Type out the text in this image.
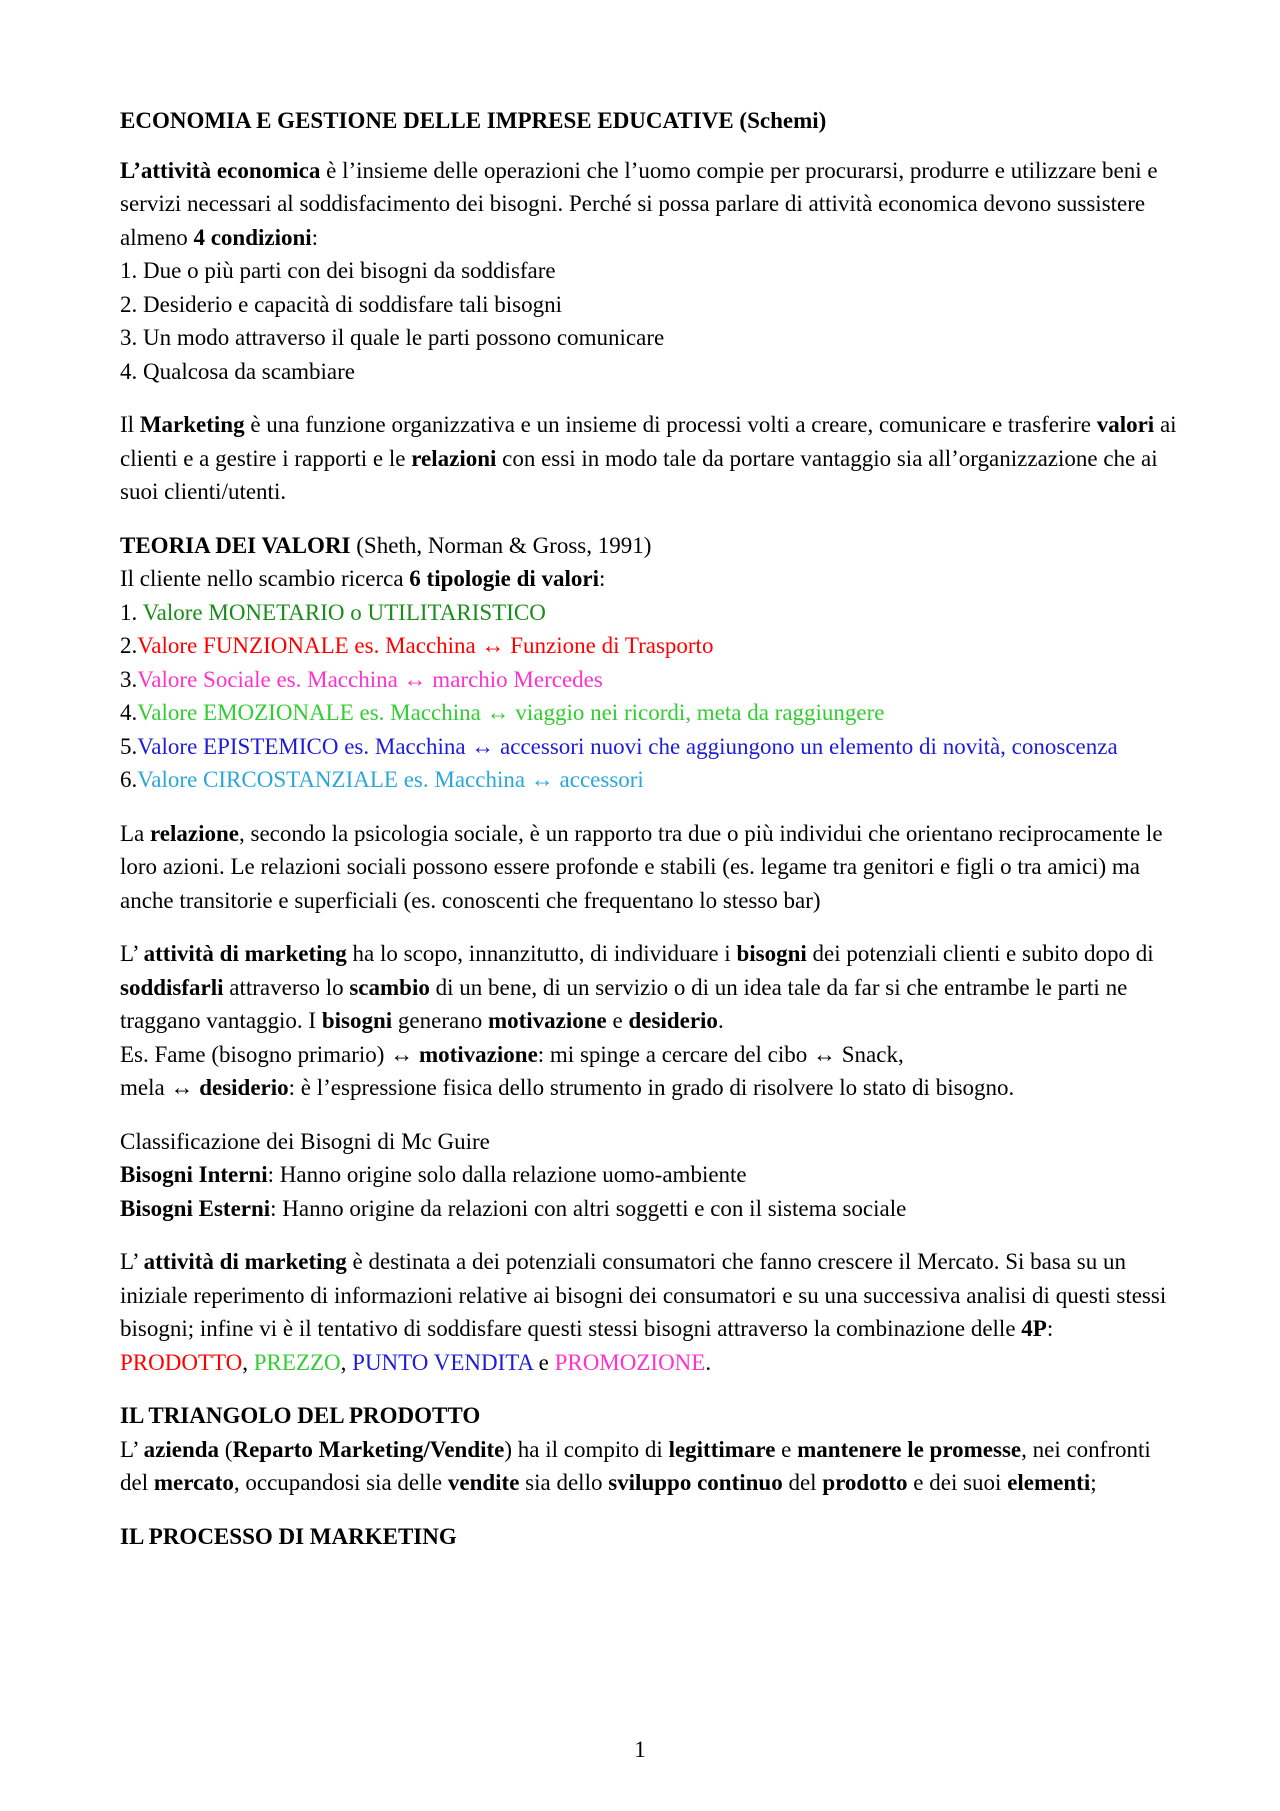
ECONOMIA E GESTIONE DELLE IMPRESE EDUCATIVE (Schemi)

L’attività economica è l’insieme delle operazioni che l’uomo compie per procurarsi, produrre e utilizzare beni e servizi necessari al soddisfacimento dei bisogni. Perché si possa parlare di attività economica devono sussistere almeno 4 condizioni:

1. Due o più parti con dei bisogni da soddisfare
2. Desiderio e capacità di soddisfare tali bisogni
3. Un modo attraverso il quale le parti possono comunicare
4. Qualcosa da scambiare

Il Marketing è una funzione organizzativa e un insieme di processi volti a creare, comunicare e trasferire valori ai clienti e a gestire i rapporti e le relazioni con essi in modo tale da portare vantaggio sia all’organizzazione che ai suoi clienti/utenti.

TEORIA DEI VALORI (Sheth, Norman & Gross, 1991)
Il cliente nello scambio ricerca 6 tipologie di valori:
1. Valore MONETARIO o UTILITARISTICO
2.Valore FUNZIONALE es. Macchina ↔ Funzione di Trasporto
3.Valore Sociale es. Macchina ↔ marchio Mercedes
4.Valore EMOZIONALE es. Macchina ↔ viaggio nei ricordi, meta da raggiungere
5.Valore EPISTEMICO es. Macchina ↔ accessori nuovi che aggiungono un elemento di novità, conoscenza
6.Valore CIRCOSTANZIALE es. Macchina ↔ accessori

La relazione, secondo la psicologia sociale, è un rapporto tra due o più individui che orientano reciprocamente le loro azioni. Le relazioni sociali possono essere profonde e stabili (es. legame tra genitori e figli o tra amici) ma anche transitorie e superficiali (es. conoscenti che frequentano lo stesso bar)

L’ attività di marketing ha lo scopo, innanzitutto, di individuare i bisogni dei potenziali clienti e subito dopo di soddisfarli attraverso lo scambio di un bene, di un servizio o di un idea tale da far si che entrambe le parti ne traggano vantaggio. I bisogni generano motivazione e desiderio.

Es. Fame (bisogno primario) ↔ motivazione: mi spinge a cercare del cibo ↔ Snack,
mela ↔ desiderio: è l’espressione fisica dello strumento in grado di risolvere lo stato di bisogno.
Classificazione dei Bisogni di Mc Guire
Bisogni Interni: Hanno origine solo dalla relazione uomo-ambiente
Bisogni Esterni: Hanno origine da relazioni con altri soggetti e con il sistema sociale

L’ attività di marketing è destinata a dei potenziali consumatori che fanno crescere il Mercato. Si basa su un iniziale reperimento di informazioni relative ai bisogni dei consumatori e su una successiva analisi di questi stessi bisogni; infine vi è il tentativo di soddisfare questi stessi bisogni attraverso la combinazione delle 4P: PRODOTTO, PREZZO, PUNTO VENDITA e PROMOZIONE.

IL TRIANGOLO DEL PRODOTTO

L’ azienda (Reparto Marketing/Vendite) ha il compito di legittimare e mantenere le promesse, nei confronti del mercato, occupandosi sia delle vendite sia dello sviluppo continuo del prodotto e dei suoi elementi;

IL PROCESSO DI MARKETING
1
